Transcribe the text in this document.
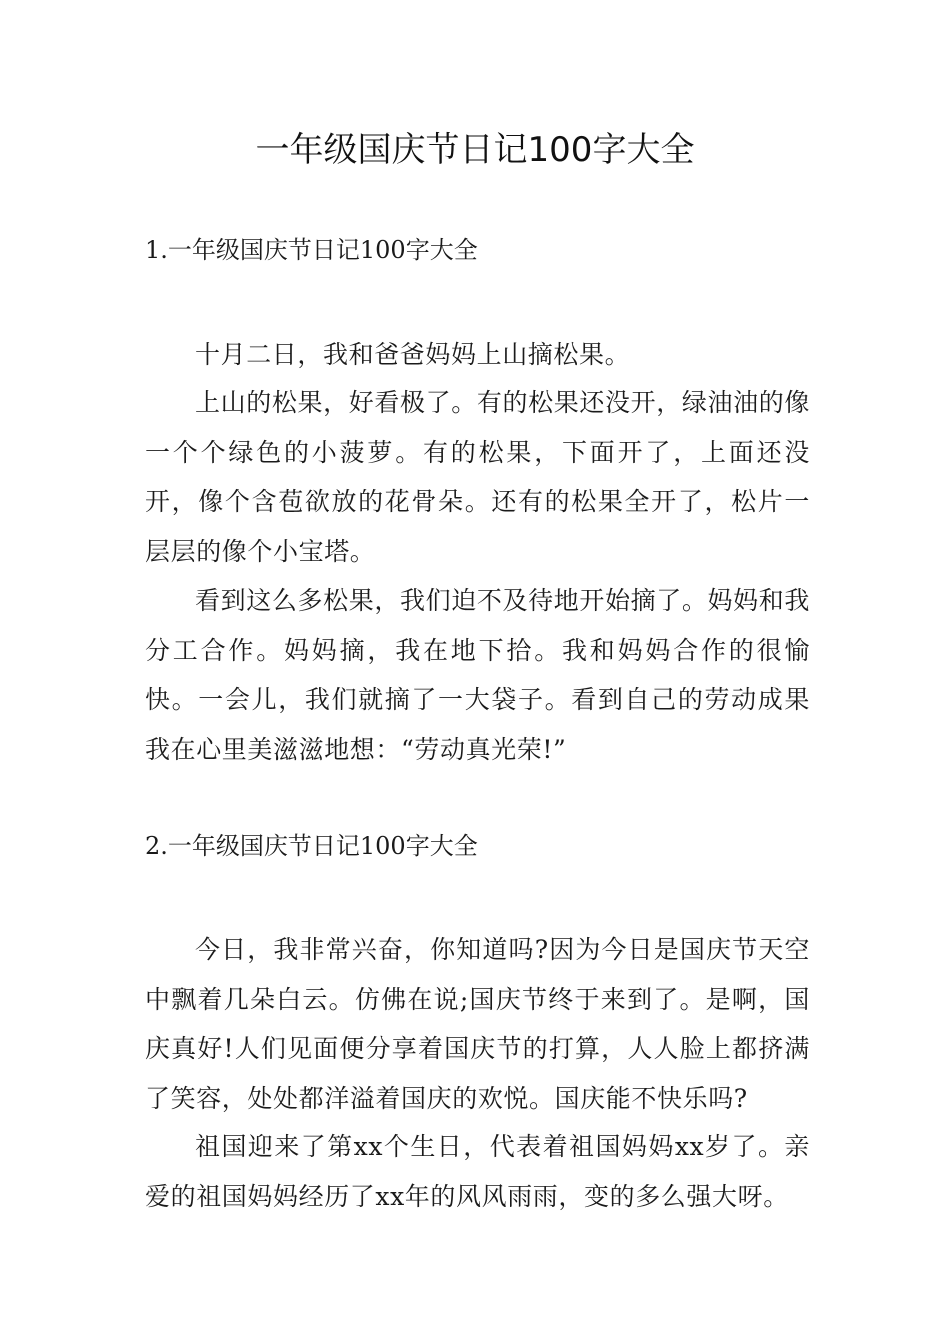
一年级国庆节日记100字大全
1.一年级国庆节日记100字大全

十月二日，我和爸爸妈妈上山摘松果。

上山的松果，好看极了。有的松果还没开，绿油油的像一个个绿色的小菠萝。有的松果，下面开了，上面还没开，像个含苞欲放的花骨朵。还有的松果全开了，松片一层层的像个小宝塔。

看到这么多松果，我们迫不及待地开始摘了。妈妈和我分工合作。妈妈摘，我在地下拾。我和妈妈合作的很愉快。一会儿，我们就摘了一大袋子。看到自己的劳动成果我在心里美滋滋地想：“劳动真光荣!”

2.一年级国庆节日记100字大全

今日，我非常兴奋，你知道吗?因为今日是国庆节天空中飘着几朵白云。仿佛在说;国庆节终于来到了。是啊，国庆真好!人们见面便分享着国庆节的打算，人人脸上都挤满了笑容，处处都洋溢着国庆的欢悦。国庆能不快乐吗?

祖国迎来了第xx个生日，代表着祖国妈妈xx岁了。亲爱的祖国妈妈经历了xx年的风风雨雨，变的多么强大呀。
